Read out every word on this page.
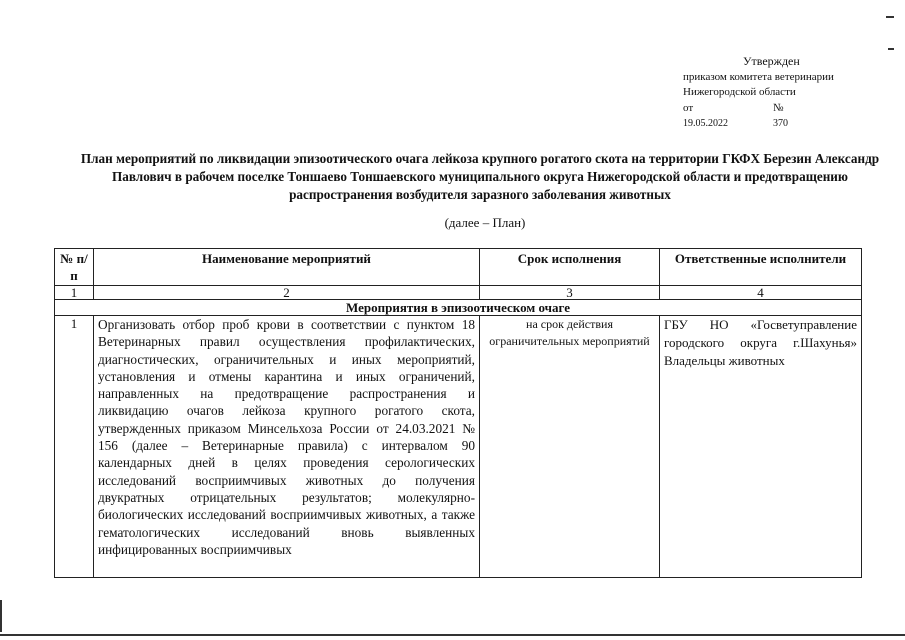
Утвержден
приказом комитета ветеринарии
Нижегородской области
от	№
19.05.2022	370
План мероприятий по ликвидации эпизоотического очага лейкоза крупного рогатого скота на территории ГКФХ Березин Александр Павлович в рабочем поселке Тоншаево Тоншаевского муниципального округа Нижегородской области и предотвращению распространения возбудителя заразного заболевания животных
(далее – План)
№ п/п	Наименование мероприятий	Срок исполнения	Ответственные исполнители
1	2	3	4
Мероприятия в эпизоотическом очаге			
1	Организовать отбор проб крови в соответствии с пунктом 18 Ветеринарных правил осуществления профилактических, диагностических, ограничительных и иных мероприятий, установления и отмены карантина и иных ограничений, направленных на предотвращение распространения и ликвидацию очагов лейкоза крупного рогатого скота, утвержденных приказом Минсельхоза России от 24.03.2021 № 156 (далее – Ветеринарные правила) с интервалом 90 календарных дней в целях проведения серологических исследований восприимчивых животных до получения двукратных отрицательных результатов; молекулярно-биологических исследований восприимчивых животных, а также гематологических исследований вновь выявленных инфицированных восприимчивых	на срок действия ограничительных мероприятий	ГБУ НО «Госветуправление городского округа г.Шахунья» Владельцы животных
